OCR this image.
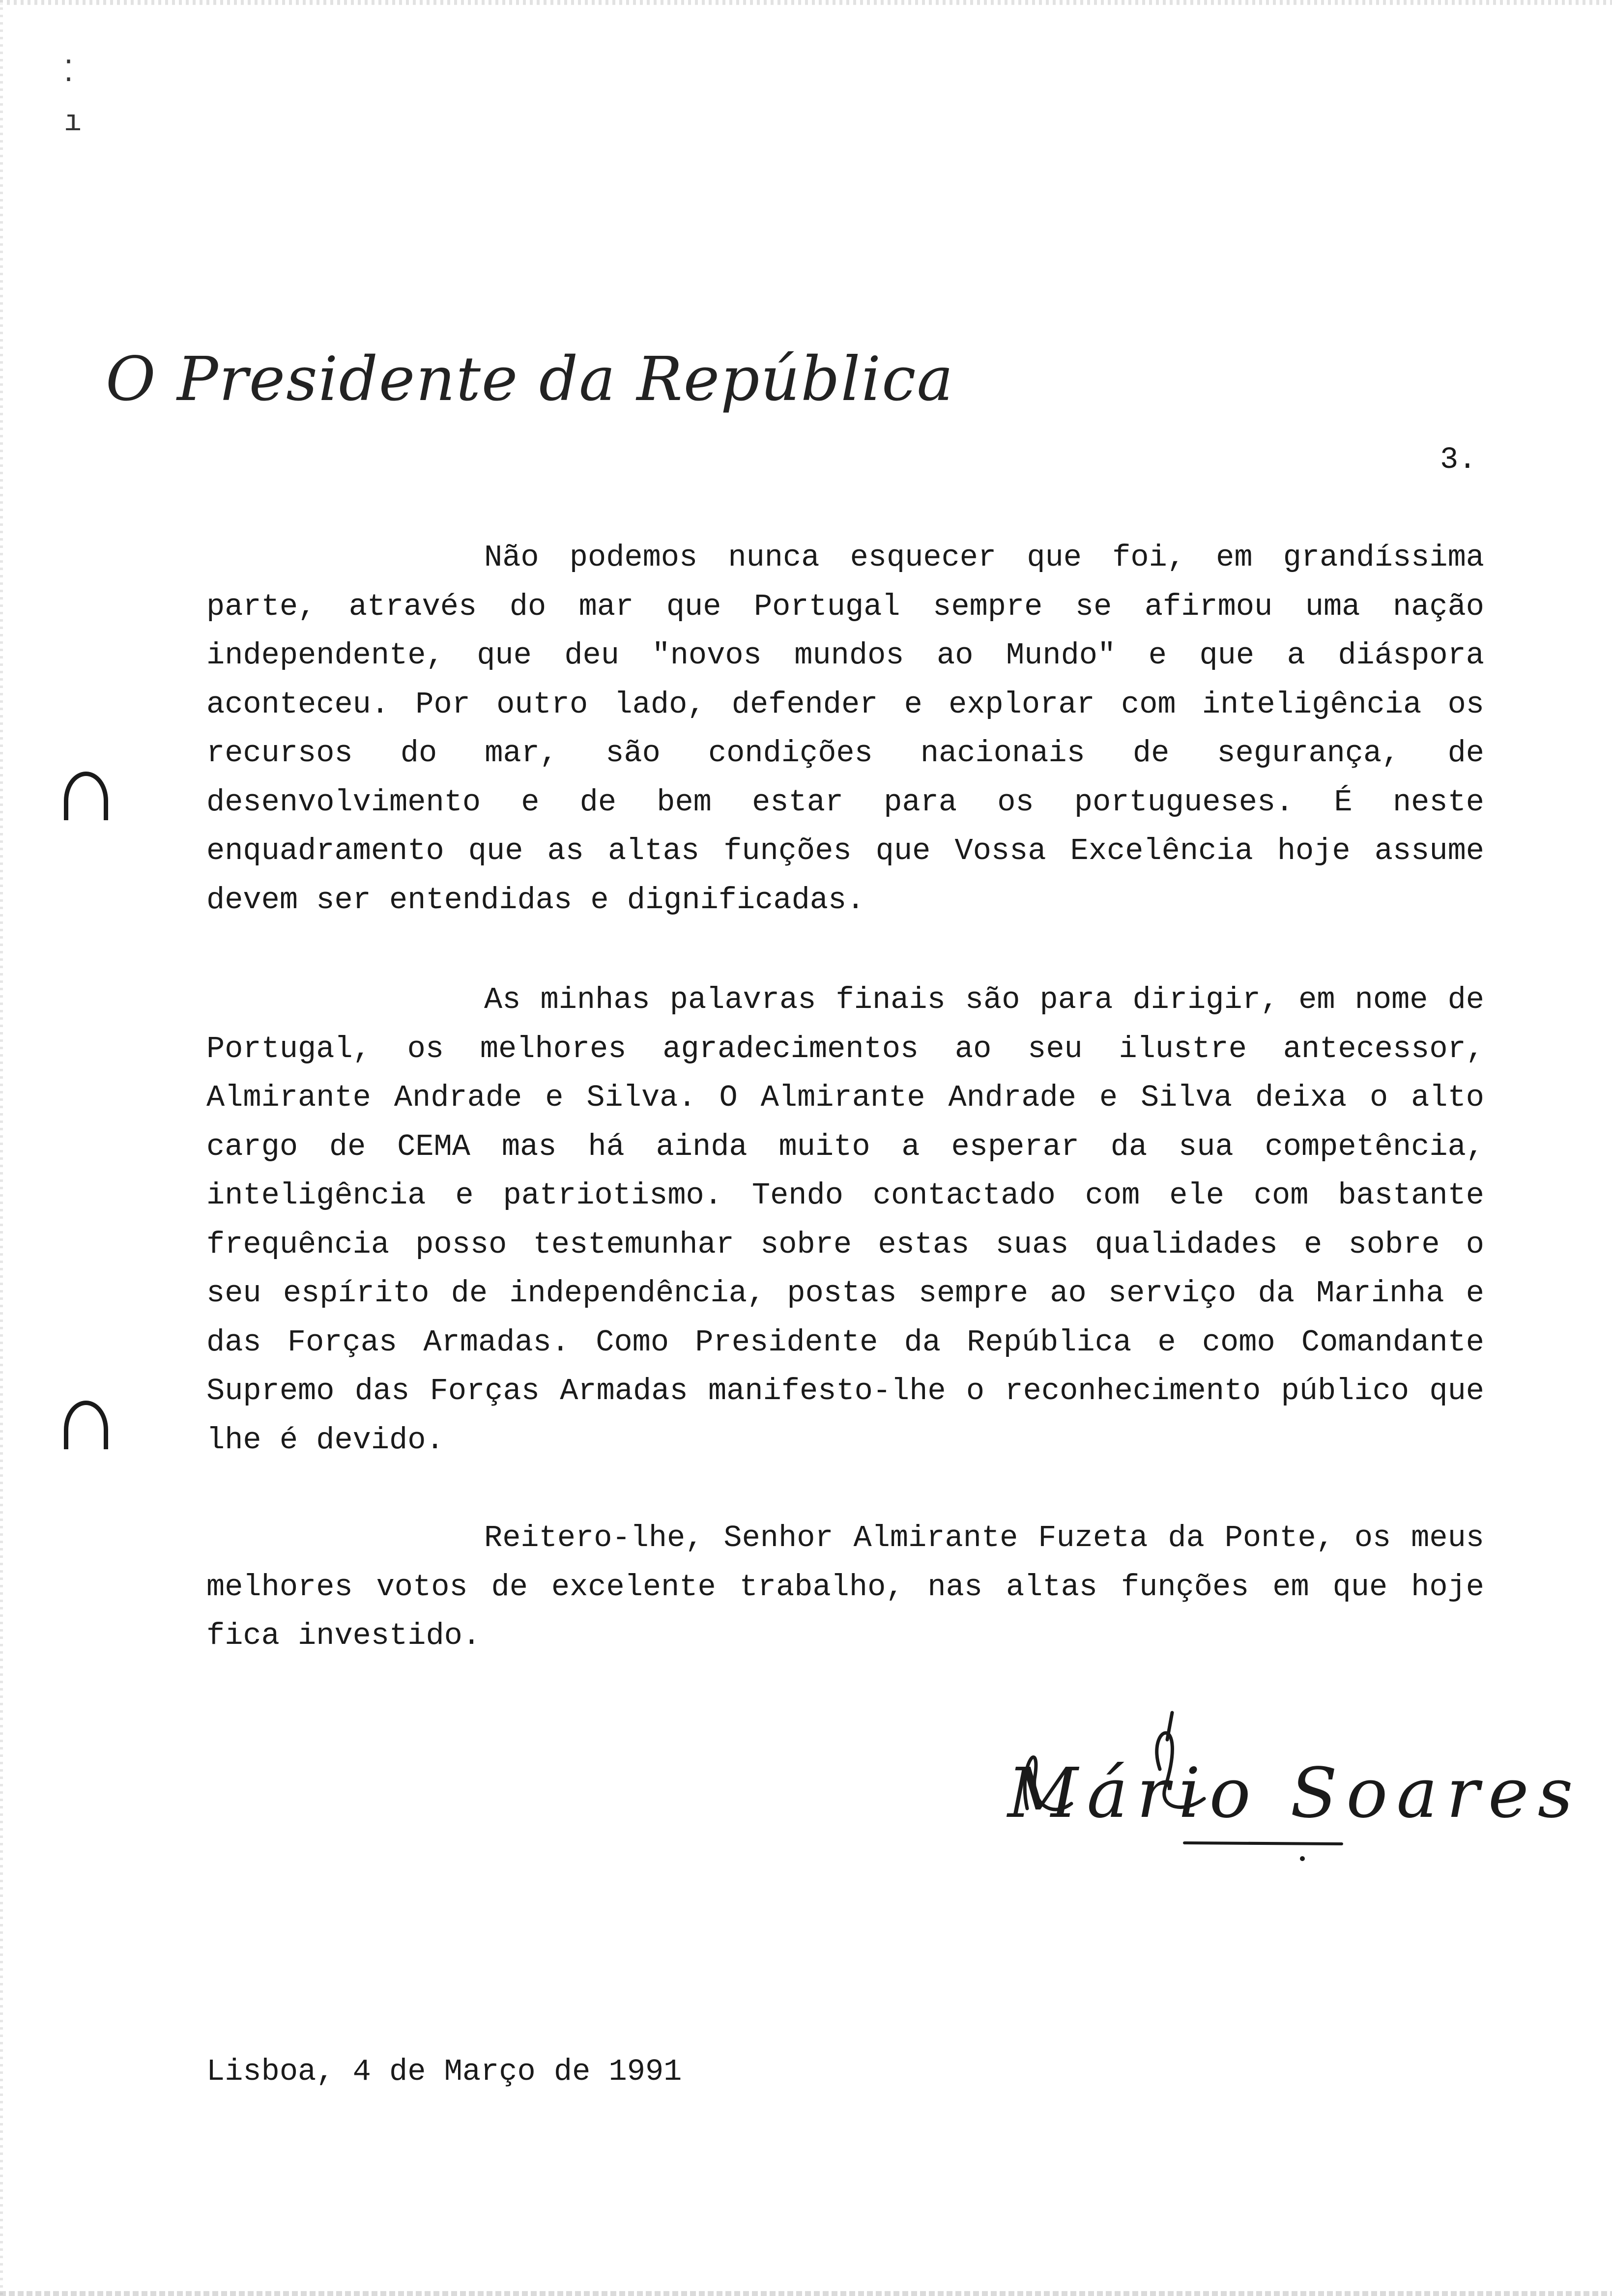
⁚
ı
O Presidente da República
3.
Não podemos nunca esquecer que foi, em grandíssima parte, através do mar que Portugal sempre se afirmou uma nação independente, que deu "novos mundos ao Mundo" e que a diáspora aconteceu. Por outro lado, defender e explorar com inteligência os recursos do mar, são condições nacionais de segurança, de desenvolvimento e de bem estar para os portugueses. É neste enquadramento que as altas funções que Vossa Excelência hoje assume devem ser entendidas e dignificadas.
As minhas palavras finais são para dirigir, em nome de Portugal, os melhores agradecimentos ao seu ilustre antecessor, Almirante Andrade e Silva. O Almirante Andrade e Silva deixa o alto cargo de CEMA mas há ainda muito a esperar da sua competência, inteligência e patriotismo. Tendo contactado com ele com bastante frequência posso testemunhar sobre estas suas qualidades e sobre o seu espírito de independência, postas sempre ao serviço da Marinha e das Forças Armadas. Como Presidente da República e como Comandante Supremo das Forças Armadas manifesto-lhe o reconhecimento público que lhe é devido.
Reitero-lhe, Senhor Almirante Fuzeta da Ponte, os meus melhores votos de excelente trabalho, nas altas funções em que hoje fica investido.
Mário Soares
Lisboa, 4 de Março de 1991
